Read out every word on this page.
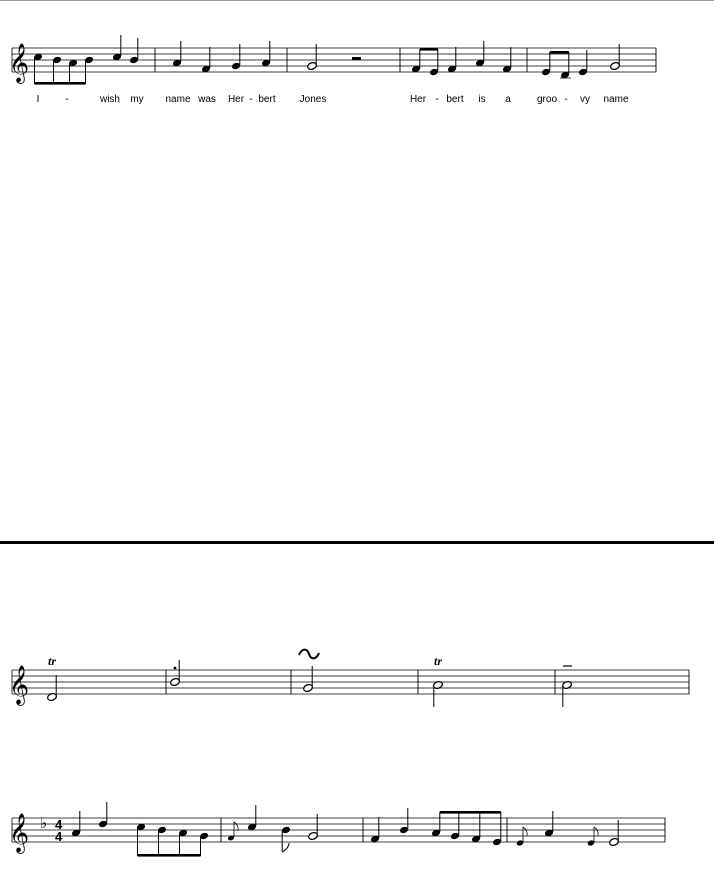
𝄞
I	-	wish my name was Her - bert Jones	Her - bert is a	groo - vy name
𝄞
tr	tr
𝄞 ♭ 4
4
